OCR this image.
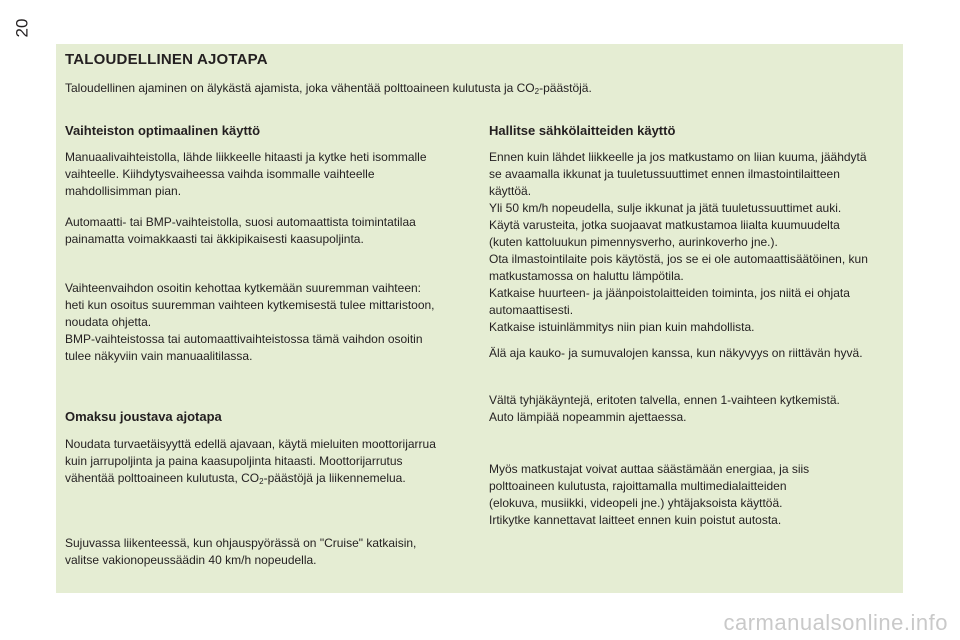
20
TALOUDELLINEN AJOTAPA
Taloudellinen ajaminen on älykästä ajamista, joka vähentää polttoaineen kulutusta ja $CO_2$-päästöjä.
Vaihteiston optimaalinen käyttö
Manuaalivaihteistolla, lähde liikkeelle hitaasti ja kytke heti isommalle
vaihteelle. Kiihdytysvaiheessa vaihda isommalle vaihteelle
mahdollisimman pian.
Automaatti- tai BMP-vaihteistolla, suosi automaattista toimintatilaa
painamatta voimakkaasti tai äkkipikaisesti kaasupoljinta.
Vaihteenvaihdon osoitin kehottaa kytkemään suuremman vaihteen:
heti kun osoitus suuremman vaihteen kytkemisestä tulee mittaristoon,
noudata ohjetta.
BMP-vaihteistossa tai automaattivaihteistossa tämä vaihdon osoitin
tulee näkyviin vain manuaalitilassa.
Omaksu joustava ajotapa
Noudata turvaetäisyyttä edellä ajavaan, käytä mieluiten moottorijarrua
kuin jarrupoljinta ja paina kaasupoljinta hitaasti. Moottorijarrutus
vähentää polttoaineen kulutusta, $CO_2$-päästöjä ja liikennemelua.
Sujuvassa liikenteessä, kun ohjauspyörässä on "Cruise" katkaisin,
valitse vakionopeussäädin 40 km/h nopeudella.
Hallitse sähkölaitteiden käyttö
Ennen kuin lähdet liikkeelle ja jos matkustamo on liian kuuma, jäähdytä
se avaamalla ikkunat ja tuuletussuuttimet ennen ilmastointilaitteen
käyttöä.
Yli 50 km/h nopeudella, sulje ikkunat ja jätä tuuletussuuttimet auki.
Käytä varusteita, jotka suojaavat matkustamoa liialta kuumuudelta
(kuten kattoluukun pimennysverho, aurinkoverho jne.).
Ota ilmastointilaite pois käytöstä, jos se ei ole automaattisäätöinen, kun
matkustamossa on haluttu lämpötila.
Katkaise huurteen- ja jäänpoistolaitteiden toiminta, jos niitä ei ohjata
automaattisesti.
Katkaise istuinlämmitys niin pian kuin mahdollista.
Älä aja kauko- ja sumuvalojen kanssa, kun näkyvyys on riittävän hyvä.
Vältä tyhjäkäyntejä, eritoten talvella, ennen 1-vaihteen kytkemistä.
Auto lämpiää nopeammin ajettaessa.
Myös matkustajat voivat auttaa säästämään energiaa, ja siis
polttoaineen kulutusta, rajoittamalla multimedialaitteiden
(elokuva, musiikki, videopeli jne.) yhtäjaksoista käyttöä.
Irtikytke kannettavat laitteet ennen kuin poistut autosta.
carmanualsonline.info
